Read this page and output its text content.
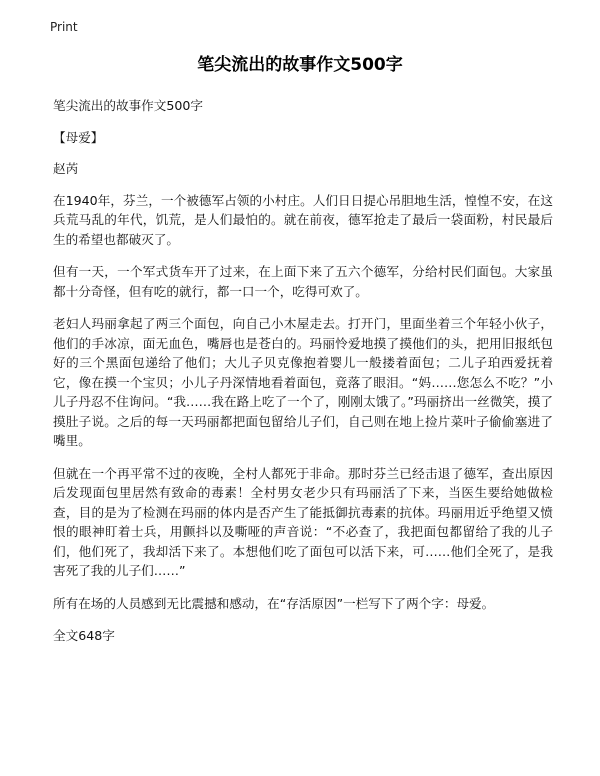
Print
笔尖流出的故事作文500字

笔尖流出的故事作文500字

【母爱】

赵芮

在1940年，芬兰，一个被德军占领的小村庄。人们日日提心吊胆地生活，惶惶不安，在这兵荒马乱的年代，饥荒，是人们最怕的。就在前夜，德军抢走了最后一袋面粉，村民最后生的希望也都破灭了。

但有一天，一个军式货车开了过来，在上面下来了五六个德军，分给村民们面包。大家虽都十分奇怪，但有吃的就行，都一口一个，吃得可欢了。

老妇人玛丽拿起了两三个面包，向自己小木屋走去。打开门，里面坐着三个年轻小伙子，他们的手冰凉，面无血色，嘴唇也是苍白的。玛丽怜爱地摸了摸他们的头，把用旧报纸包好的三个黑面包递给了他们；大儿子贝克像抱着婴儿一般搂着面包；二儿子珀西爱抚着它，像在摸一个宝贝；小儿子丹深情地看着面包，竟落了眼泪。“妈……您怎么不吃？”小儿子丹忍不住询问。“我……我在路上吃了一个了，刚刚太饿了。”玛丽挤出一丝微笑，摸了摸肚子说。之后的每一天玛丽都把面包留给儿子们，自己则在地上捡片菜叶子偷偷塞进了嘴里。

但就在一个再平常不过的夜晚，全村人都死于非命。那时芬兰已经击退了德军，查出原因后发现面包里居然有致命的毒素！全村男女老少只有玛丽活了下来，当医生要给她做检查，目的是为了检测在玛丽的体内是否产生了能抵御抗毒素的抗体。玛丽用近乎绝望又愤恨的眼神盯着士兵，用颤抖以及嘶哑的声音说：“不必查了，我把面包都留给了我的儿子们，他们死了，我却活下来了。本想他们吃了面包可以活下来，可……他们全死了，是我害死了我的儿子们……”

所有在场的人员感到无比震撼和感动，在“存活原因”一栏写下了两个字：母爱。

全文648字
